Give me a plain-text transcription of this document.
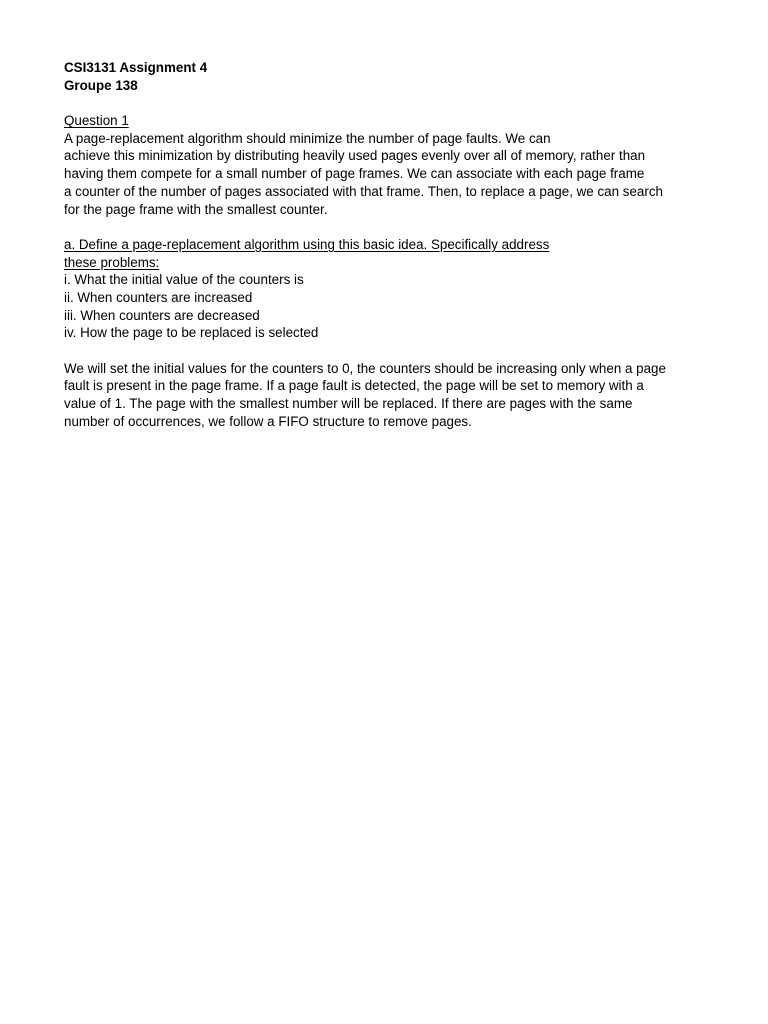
CSI3131 Assignment 4
Groupe 138
Question 1
A page-replacement algorithm should minimize the number of page faults. We can
achieve this minimization by distributing heavily used pages evenly over all of memory, rather than
having them compete for a small number of page frames. We can associate with each page frame
a counter of the number of pages associated with that frame. Then, to replace a page, we can search
for the page frame with the smallest counter.
a. Define a page-replacement algorithm using this basic idea. Specifically address
these problems:
i. What the initial value of the counters is
ii. When counters are increased
iii. When counters are decreased
iv. How the page to be replaced is selected
We will set the initial values for the counters to 0, the counters should be increasing only when a page
fault is present in the page frame. If a page fault is detected, the page will be set to memory with a
value of 1. The page with the smallest number will be replaced. If there are pages with the same
number of occurrences, we follow a FIFO structure to remove pages.
